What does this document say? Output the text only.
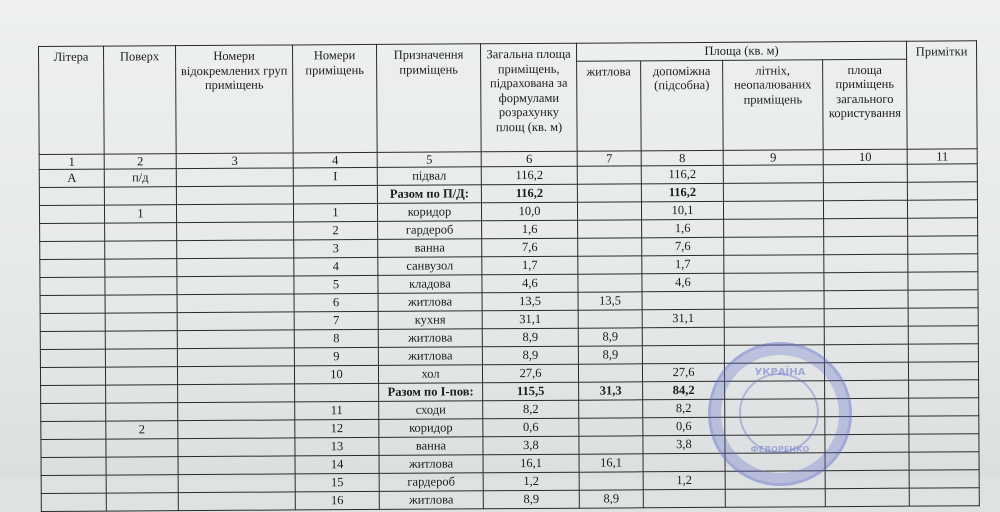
Літера	Поверх	Номери відокремлених груп приміщень	Номери приміщень	Призначення приміщень	Загальна площа приміщень, підрахована за формулами розрахунку площ (кв. м)	Площа (кв. м)				Примітки
						житлова	допоміжна (підсобна)	літніх, неопалюваних приміщень	площа приміщень загального користування	
1	2	3	4	5	6	7	8	9	10	11
А	п/д		І	підвал	116,2		116,2			
				Разом по П/Д:	116,2		116,2			
	1		1	коридор	10,0		10,1			
			2	гардероб	1,6		1,6			
			3	ванна	7,6		7,6			
			4	санвузол	1,7		1,7			
			5	кладова	4,6		4,6			
			6	житлова	13,5	13,5				
			7	кухня	31,1		31,1			
			8	житлова	8,9	8,9				
			9	житлова	8,9	8,9				
			10	хол	27,6		27,6			
				Разом по І-пов:	115,5	31,3	84,2			
			11	сходи	8,2		8,2			
	2		12	коридор	0,6		0,6			
			13	ванна	3,8		3,8			
			14	житлова	16,1	16,1				
			15	гардероб	1,2		1,2			
			16	житлова	8,9	8,9				
УКРАЇНА
ФЕДОРЕНКО
